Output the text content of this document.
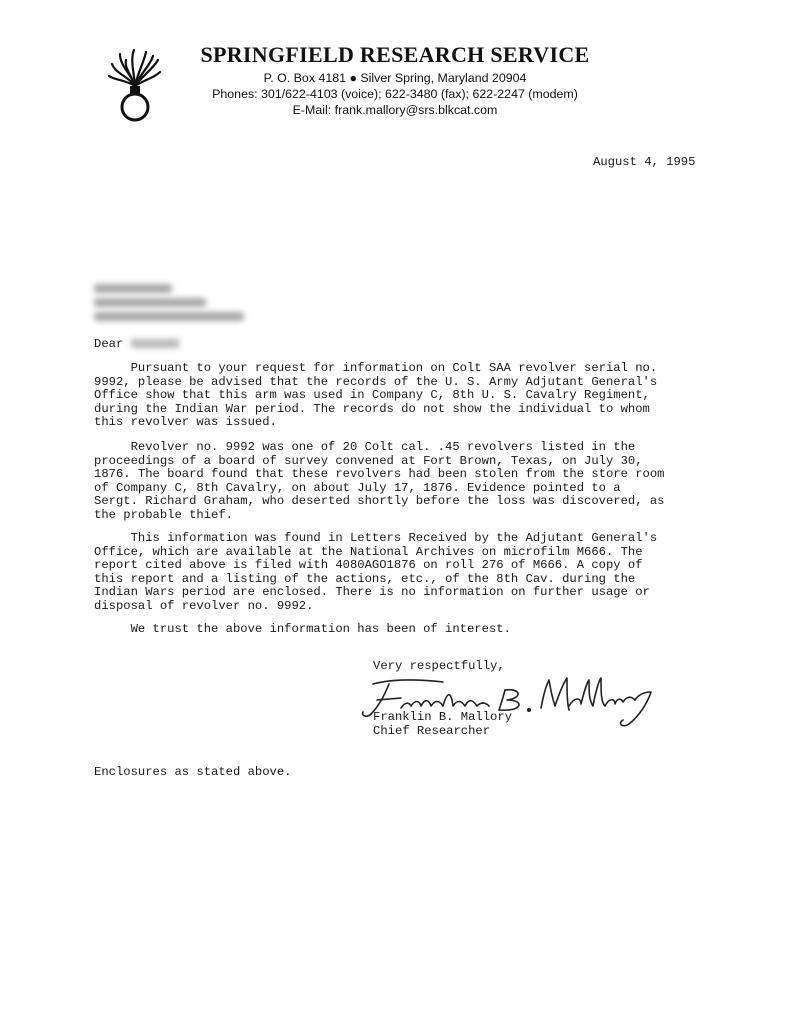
SPRINGFIELD RESEARCH SERVICE
P. O. Box 4181 ● Silver Spring, Maryland 20904
Phones: 301/622-4103 (voice); 622-3480 (fax); 622-2247 (modem)
E-Mail: frank.mallory@srs.blkcat.com
August 4, 1995
Dear

Pursuant to your request for information on Colt SAA revolver serial no.
9992, please be advised that the records of the U. S. Army Adjutant General's
Office show that this arm was used in Company C, 8th U. S. Cavalry Regiment,
during the Indian War period. The records do not show the individual to whom
this revolver was issued.

Revolver no. 9992 was one of 20 Colt cal. .45 revolvers listed in the
proceedings of a board of survey convened at Fort Brown, Texas, on July 30,
1876. The board found that these revolvers had been stolen from the store room
of Company C, 8th Cavalry, on about July 17, 1876. Evidence pointed to a
Sergt. Richard Graham, who deserted shortly before the loss was discovered, as
the probable thief.

This information was found in Letters Received by the Adjutant General's
Office, which are available at the National Archives on microfilm M666. The
report cited above is filed with 4080AGO1876 on roll 276 of M666. A copy of
this report and a listing of the actions, etc., of the 8th Cav. during the
Indian Wars period are enclosed. There is no information on further usage or
disposal of revolver no. 9992.

We trust the above information has been of interest.

Very respectfully,
Franklin B. Mallory
Chief Researcher
Enclosures as stated above.
